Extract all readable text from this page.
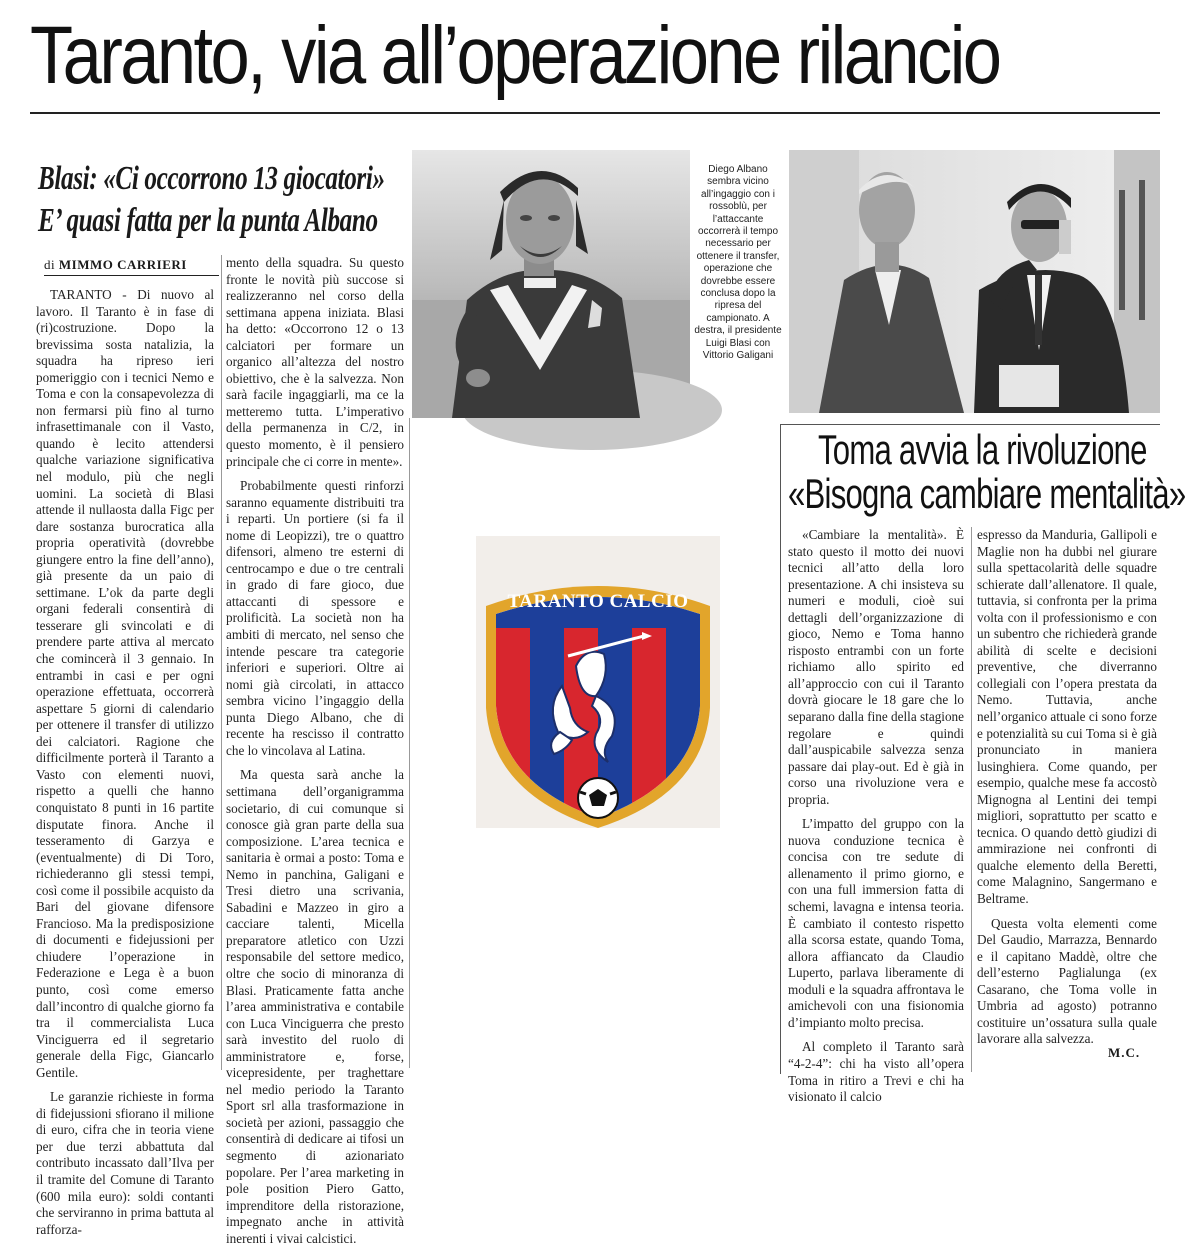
Taranto, via all’operazione rilancio
Blasi: «Ci occorrono 13 giocatori»
E’ quasi fatta per la punta Albano
di MIMMO CARRIERI

TARANTO - Di nuovo al lavoro. Il Taranto è in fase di (ri)costruzione. Dopo la brevissima sosta natalizia, la squadra ha ripreso ieri pomeriggio con i tecnici Nemo e Toma e con la consapevolezza di non fermarsi più fino al turno infrasettimanale con il Vasto, quando è lecito attendersi qualche variazione significativa nel modulo, più che negli uomini. La società di Blasi attende il nullaosta dalla Figc per dare sostanza burocratica alla propria operatività (dovrebbe giungere entro la fine dell’anno), già presente da un paio di settimane. L’ok da parte degli organi federali consentirà di tesserare gli svincolati e di prendere parte attiva al mercato che comincerà il 3 gennaio. In entrambi in casi e per ogni operazione effettuata, occorrerà aspettare 5 giorni di calendario per ottenere il transfer di utilizzo dei calciatori. Ragione che difficilmente porterà il Taranto a Vasto con elementi nuovi, rispetto a quelli che hanno conquistato 8 punti in 16 partite disputate finora. Anche il tesseramento di Garzya e (eventualmente) di Di Toro, richiederanno gli stessi tempi, così come il possibile acquisto da Bari del giovane difensore Franciosо. Ma la predisposizione di documenti e fidejussioni per chiudere l’operazione in Federazione e Lega è a buon punto, così come emerso dall’incontro di qualche giorno fa tra il commercialista Luca Vinciguerra ed il segretario generale della Figc, Giancarlo Gentile.

Le garanzie richieste in forma di fidejussioni sfiorano il milione di euro, cifra che in teoria viene per due terzi abbattuta dal contributo incassato dall’Ilva per il tramite del Comune di Taranto (600 mila euro): soldi contanti che serviranno in prima battuta al rafforza-

mento della squadra. Su questo fronte le novità più succose si realizzeranno nel corso della settimana appena iniziata. Blasi ha detto: «Occorrono 12 o 13 calciatori per formare un organico all’altezza del nostro obiettivo, che è la salvezza. Non sarà facile ingaggiarli, ma ce la metteremo tutta. L’imperativo della permanenza in C/2, in questo momento, è il pensiero principale che ci corre in mente».

Probabilmente questi rinforzi saranno equamente distribuiti tra i reparti. Un portiere (si fa il nome di Leopizzi), tre o quattro difensori, almeno tre esterni di centrocampo e due o tre centrali in grado di fare gioco, due attaccanti di spessore e prolificità. La società non ha ambiti di mercato, nel senso che intende pescare tra categorie inferiori e superiori. Oltre ai nomi già circolati, in attacco sembra vicino l’ingaggio della punta Diego Albano, che di recente ha rescisso il contratto che lo vincolava al Latina.

Ma questa sarà anche la settimana dell’organigramma societario, di cui comunque si conosce già gran parte della sua composizione. L’area tecnica e sanitaria è ormai a posto: Toma e Nemo in panchina, Galigani e Tresi dietro una scrivania, Sabadini e Mazzeo in giro a cacciare talenti, Micella preparatore atletico con Uzzi responsabile del settore medico, oltre che socio di minoranza di Blasi. Praticamente fatta anche l’area amministrativa e contabile con Luca Vinciguerra che presto sarà investito del ruolo di amministratore e, forse, vicepresidente, per traghettare nel medio periodo la Taranto Sport srl alla trasformazione in società per azioni, passaggio che consentirà di dedicare ai tifosi un segmento di azionariato popolare. Per l’area marketing in pole position Piero Gatto, imprenditore della ristorazione, impegnato anche in attività inerenti i vivai calcistici.

Diego Albano sembra vicino all’ingaggio con i rossoblù, per l’attaccante occorrerà il tempo necessario per ottenere il transfer, operazione che dovrebbe essere conclusa dopo la ripresa del campionato. A destra, il presidente Luigi Blasi con Vittorio Galigani
TARANTO CALCIO
Toma avvia la rivoluzione
«Bisogna cambiare mentalità»

«Cambiare la mentalità». È stato questo il motto dei nuovi tecnici all’atto della loro presentazione. A chi insisteva su numeri e moduli, cioè sui dettagli dell’organizzazione di gioco, Nemo e Toma hanno risposto entrambi con un forte richiamo allo spirito ed all’approccio con cui il Taranto dovrà giocare le 18 gare che lo separano dalla fine della stagione regolare e quindi dall’auspicabile salvezza senza passare dai play-out. Ed è già in corso una rivoluzione vera e propria.

L’impatto del gruppo con la nuova conduzione tecnica è concisa con tre sedute di allenamento il primo giorno, e con una full immersion fatta di schemi, lavagna e intensa teoria. È cambiato il contesto rispetto alla scorsa estate, quando Toma, allora affiancato da Claudio Luperto, parlava liberamente di moduli e la squadra affrontava le amichevoli con una fisionomia d’impianto molto precisa.

Al completo il Taranto sarà “4-2-4”: chi ha visto all’opera Toma in ritiro a Trevi e chi ha visionato il calcio

espresso da Manduria, Gallipoli e Maglie non ha dubbi nel giurare sulla spettacolarità delle squadre schierate dall’allenatore. Il quale, tuttavia, si confronta per la prima volta con il professionismo e con un subentro che richiederà grande abilità di scelte e decisioni preventive, che diverranno collegiali con l’opera prestata da Nemo. Tuttavia, anche nell’organico attuale ci sono forze e potenzialità su cui Toma si è già pronunciato in maniera lusinghiera. Come quando, per esempio, qualche mese fa accostò Mignogna al Lentini dei tempi migliori, soprattutto per scatto e tecnica. O quando dettò giudizi di ammirazione nei confronti di qualche elemento della Beretti, come Malagnino, Sangermano e Beltrame.

Questa volta elementi come Del Gaudio, Marrazza, Bennardo e il capitano Maddè, oltre che dell’esterno Paglialunga (ex Casarano, che Toma volle in Umbria ad agosto) potranno costituire un’ossatura sulla quale lavorare alla salvezza.

M.C.
